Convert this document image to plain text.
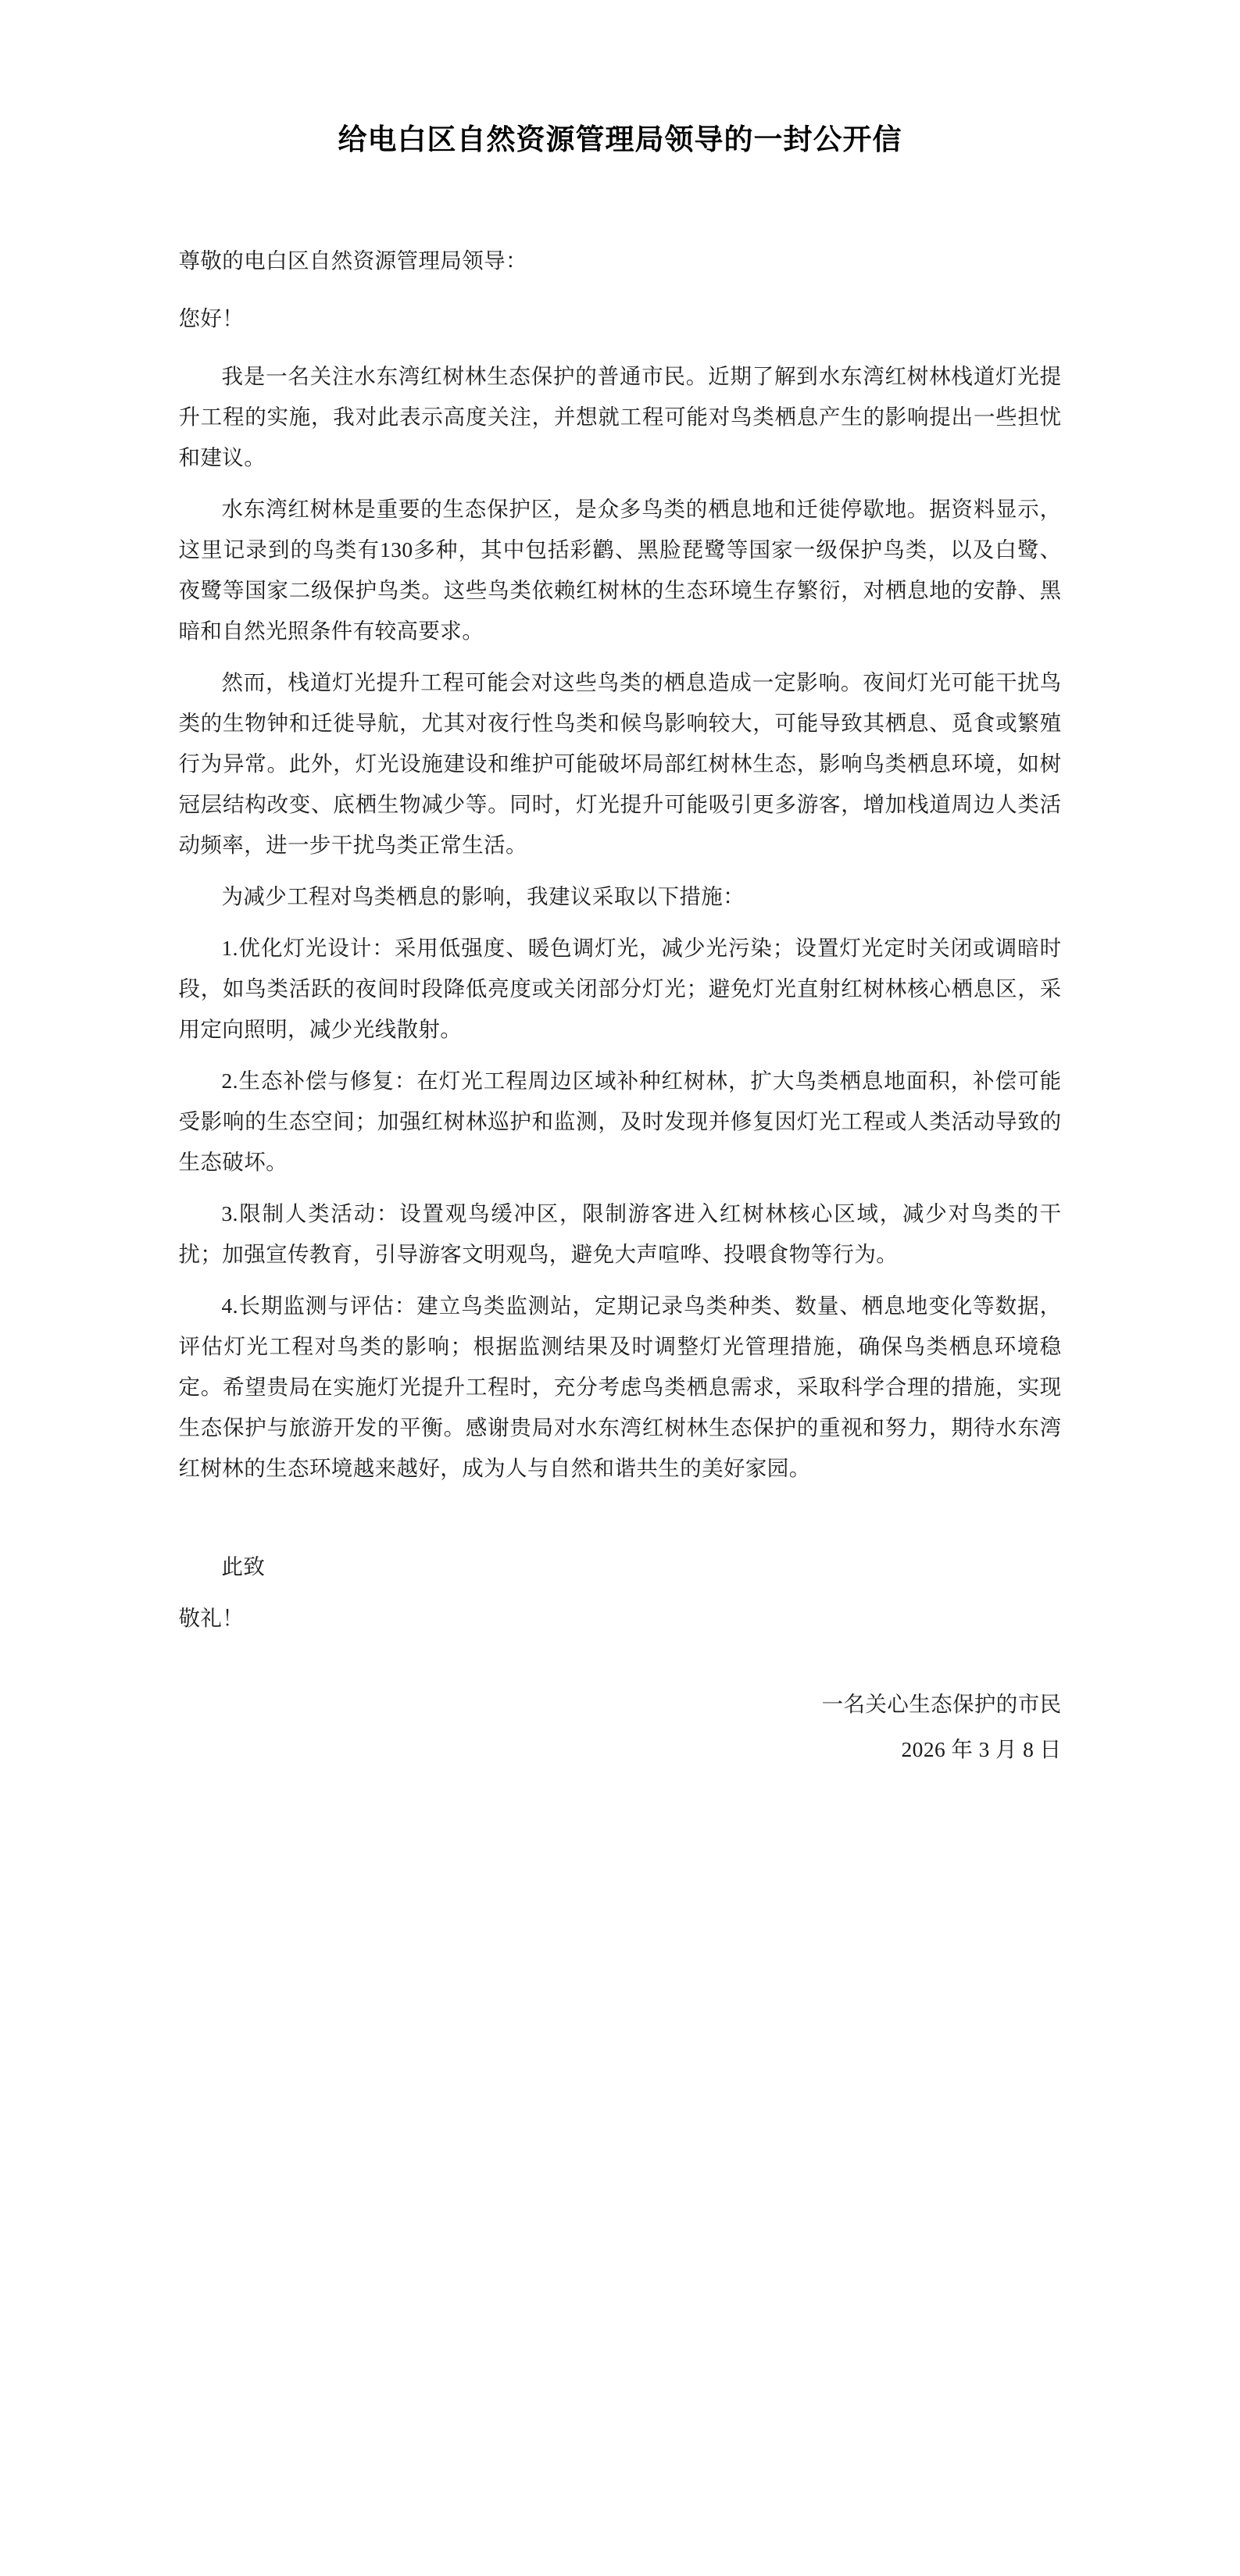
给电白区自然资源管理局领导的一封公开信

尊敬的电白区自然资源管理局领导：

您好！

我是一名关注水东湾红树林生态保护的普通市民。近期了解到水东湾红树林栈道灯光提升工程的实施，我对此表示高度关注，并想就工程可能对鸟类栖息产生的影响提出一些担忧和建议。

水东湾红树林是重要的生态保护区，是众多鸟类的栖息地和迁徙停歇地。据资料显示，这里记录到的鸟类有130多种，其中包括彩鹳、黑脸琵鹭等国家一级保护鸟类，以及白鹭、夜鹭等国家二级保护鸟类。这些鸟类依赖红树林的生态环境生存繁衍，对栖息地的安静、黑暗和自然光照条件有较高要求。

然而，栈道灯光提升工程可能会对这些鸟类的栖息造成一定影响。夜间灯光可能干扰鸟类的生物钟和迁徙导航，尤其对夜行性鸟类和候鸟影响较大，可能导致其栖息、觅食或繁殖行为异常。此外，灯光设施建设和维护可能破坏局部红树林生态，影响鸟类栖息环境，如树冠层结构改变、底栖生物减少等。同时，灯光提升可能吸引更多游客，增加栈道周边人类活动频率，进一步干扰鸟类正常生活。

为减少工程对鸟类栖息的影响，我建议采取以下措施：

1.优化灯光设计：采用低强度、暖色调灯光，减少光污染；设置灯光定时关闭或调暗时段，如鸟类活跃的夜间时段降低亮度或关闭部分灯光；避免灯光直射红树林核心栖息区，采用定向照明，减少光线散射。

2.生态补偿与修复：在灯光工程周边区域补种红树林，扩大鸟类栖息地面积，补偿可能受影响的生态空间；加强红树林巡护和监测，及时发现并修复因灯光工程或人类活动导致的生态破坏。

3.限制人类活动：设置观鸟缓冲区，限制游客进入红树林核心区域，减少对鸟类的干扰；加强宣传教育，引导游客文明观鸟，避免大声喧哗、投喂食物等行为。

4.长期监测与评估：建立鸟类监测站，定期记录鸟类种类、数量、栖息地变化等数据，评估灯光工程对鸟类的影响；根据监测结果及时调整灯光管理措施，确保鸟类栖息环境稳定。希望贵局在实施灯光提升工程时，充分考虑鸟类栖息需求，采取科学合理的措施，实现生态保护与旅游开发的平衡。感谢贵局对水东湾红树林生态保护的重视和努力，期待水东湾红树林的生态环境越来越好，成为人与自然和谐共生的美好家园。

此致

敬礼！

一名关心生态保护的市民
2026 年 3 月 8 日
